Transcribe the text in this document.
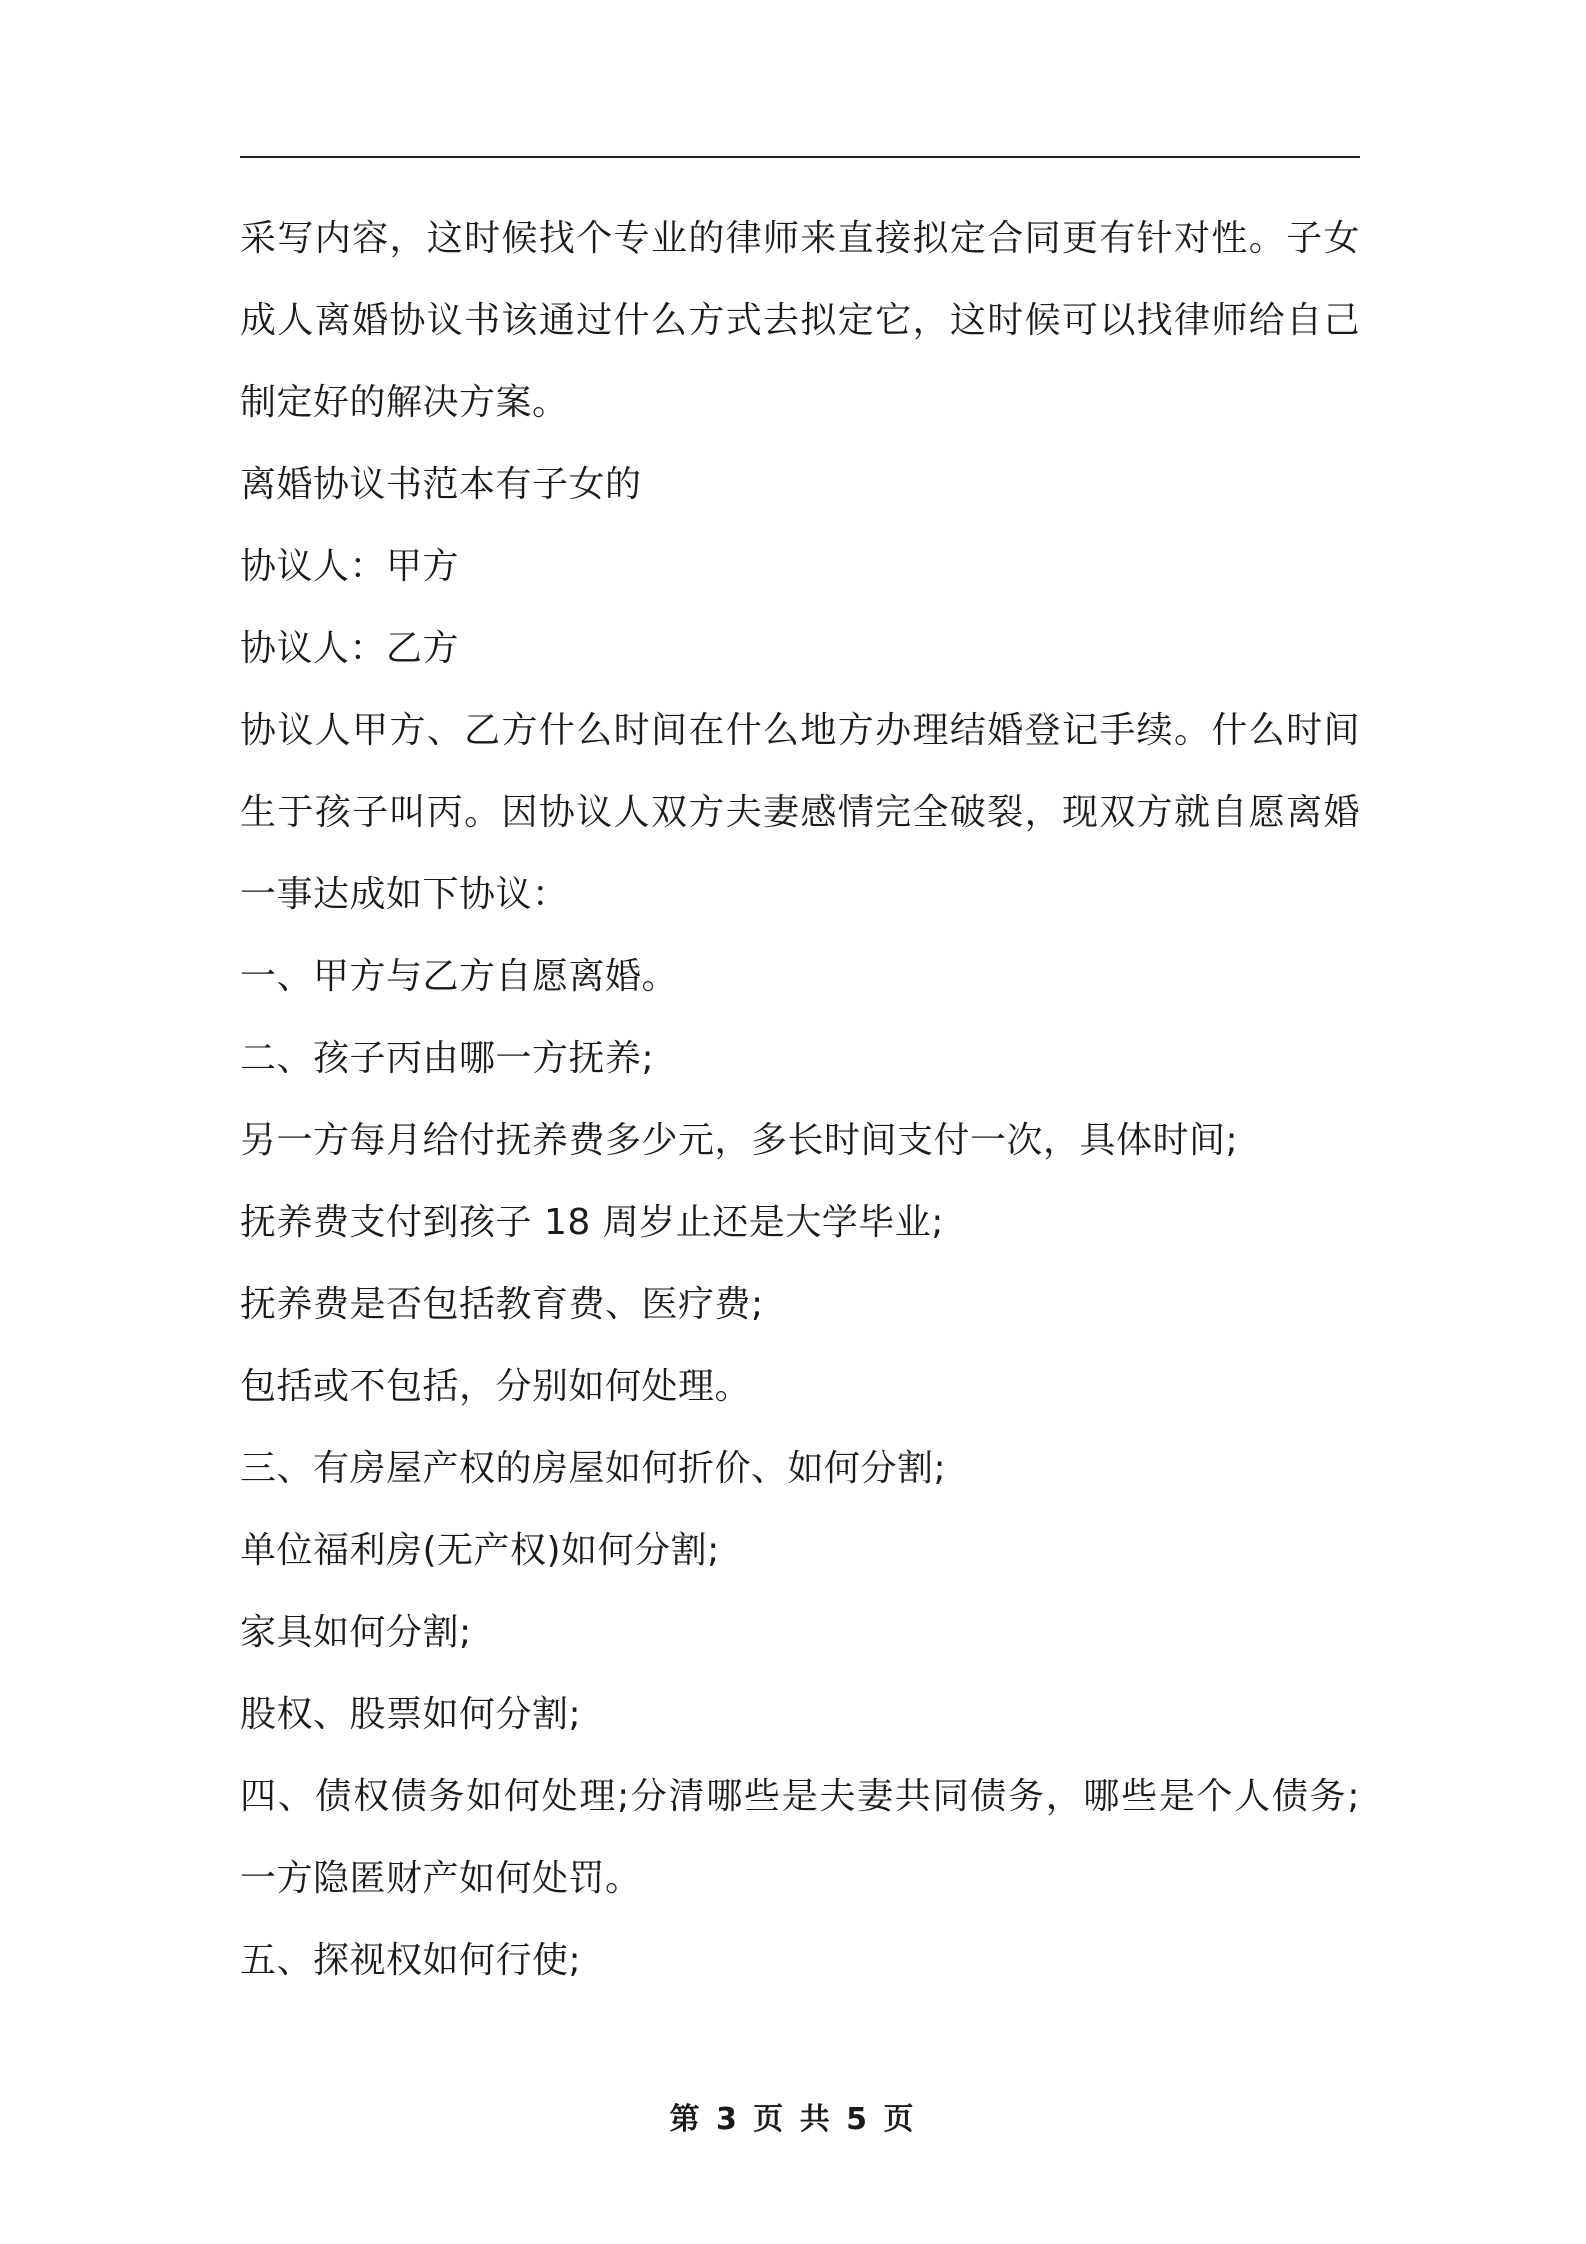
采写内容，这时候找个专业的律师来直接拟定合同更有针对性。子女成人离婚协议书该通过什么方式去拟定它，这时候可以找律师给自己制定好的解决方案。

离婚协议书范本有子女的

协议人：甲方

协议人：乙方

协议人甲方、乙方什么时间在什么地方办理结婚登记手续。什么时间生于孩子叫丙。因协议人双方夫妻感情完全破裂，现双方就自愿离婚一事达成如下协议：

一、甲方与乙方自愿离婚。

二、孩子丙由哪一方抚养;

另一方每月给付抚养费多少元，多长时间支付一次，具体时间;

抚养费支付到孩子 18 周岁止还是大学毕业;

抚养费是否包括教育费、医疗费;

包括或不包括，分别如何处理。

三、有房屋产权的房屋如何折价、如何分割;

单位福利房(无产权)如何分割;

家具如何分割;

股权、股票如何分割;

四、债权债务如何处理;分清哪些是夫妻共同债务，哪些是个人债务;一方隐匿财产如何处罚。

五、探视权如何行使;

第 3 页 共 5 页
